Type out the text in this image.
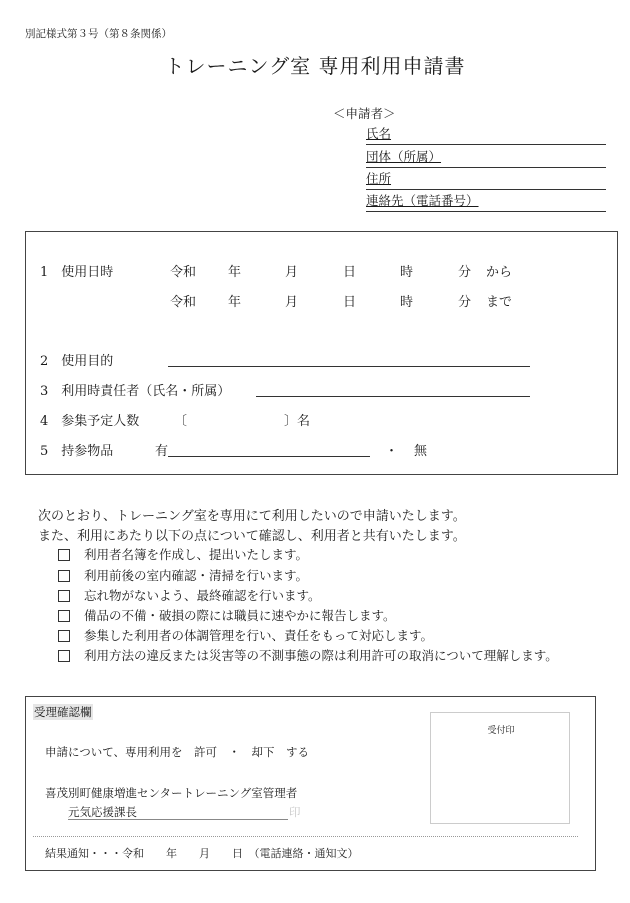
別記様式第３号（第８条関係）
トレーニング室 専用利用申請書
＜申請者＞
氏名
団体（所属）
住所
連絡先（電話番号）
1　使用日時	令和 年	月	日	時	分 から
令和 年	月	日	時	分 まで
2　使用目的
3　利用時責任者（氏名・所属）
4　参集予定人数	〔	〕名
5　持参物品	有	・ 無
次のとおり、トレーニング室を専用にて利用したいので申請いたします。
また、利用にあたり以下の点について確認し、利用者と共有いたします。
利用者名簿を作成し、提出いたします。
利用前後の室内確認・清掃を行います。
忘れ物がないよう、最終確認を行います。
備品の不備・破損の際には職員に速やかに報告します。
参集した利用者の体調管理を行い、責任をもって対応します。
利用方法の違反または災害等の不測事態の際は利用許可の取消について理解します。
受理確認欄
受付印
申請について、専用利用を　許可　・　却下　する
喜茂別町健康増進センタートレーニング室管理者
元気応援課長	印
結果通知・・・令和　　年　　月　　日　（電話連絡・通知文）
